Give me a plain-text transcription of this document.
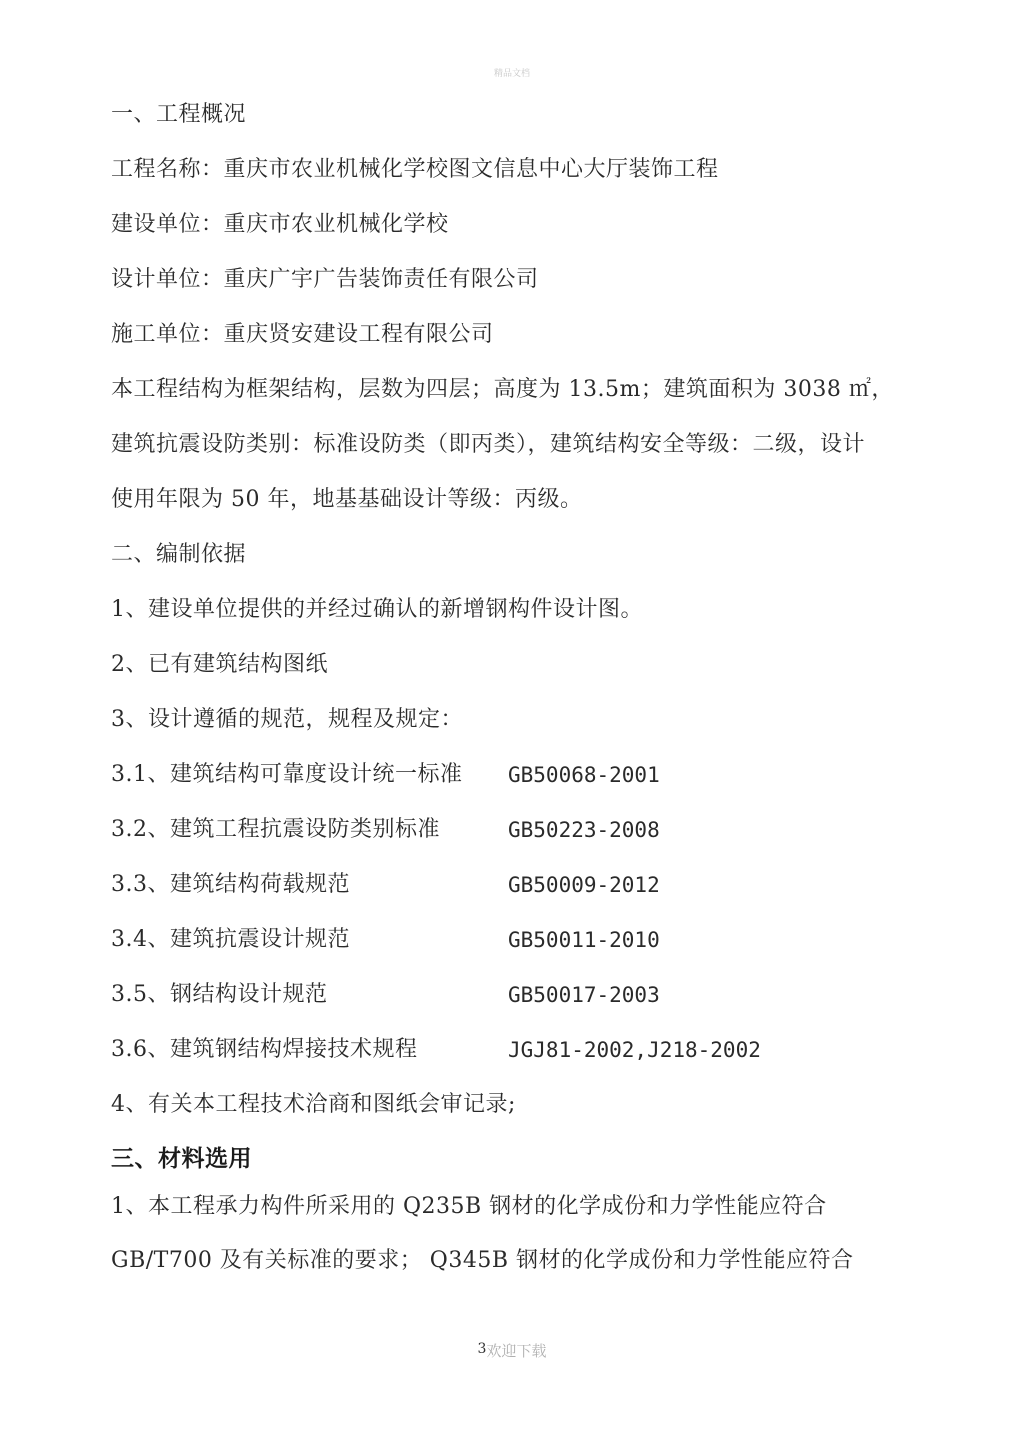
精品文档
一、工程概况
工程名称：重庆市农业机械化学校图文信息中心大厅装饰工程
建设单位：重庆市农业机械化学校
设计单位：重庆广宇广告装饰责任有限公司
施工单位：重庆贤安建设工程有限公司
本工程结构为框架结构，层数为四层；高度为 13.5m；建筑面积为 3038 ㎡，
建筑抗震设防类别：标准设防类（即丙类），建筑结构安全等级：二级，设计
使用年限为 50 年，地基基础设计等级：丙级。
二、编制依据
1、建设单位提供的并经过确认的新增钢构件设计图。
2、已有建筑结构图纸
3、设计遵循的规范，规程及规定：
3.1、建筑结构可靠度设计统一标准 GB50068-2001
3.2、建筑工程抗震设防类别标准	GB50223-2008
3.3、建筑结构荷载规范	GB50009-2012
3.4、建筑抗震设计规范	GB50011-2010
3.5、钢结构设计规范	GB50017-2003
3.6、建筑钢结构焊接技术规程	JGJ81-2002,J218-2002
4、有关本工程技术洽商和图纸会审记录;
三、材料选用
1、本工程承力构件所采用的 Q235B 钢材的化学成份和力学性能应符合
GB/T700 及有关标准的要求； Q345B 钢材的化学成份和力学性能应符合
3欢迎下载
